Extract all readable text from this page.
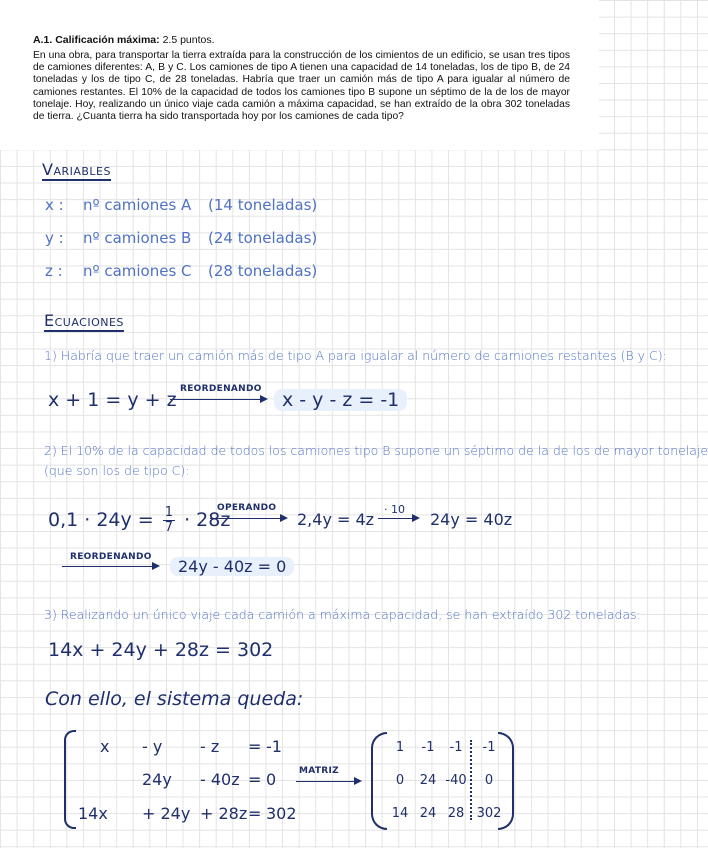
A.1. Calificación máxima: 2.5 puntos.
En una obra, para transportar la tierra extraída para la construcción de los cimientos de un edificio, se usan tres tipos de camiones diferentes: A, B y C. Los camiones de tipo A tienen una capacidad de 14 toneladas, los de tipo B, de 24 toneladas y los de tipo C, de 28 toneladas. Habría que traer un camión más de tipo A para igualar al número de camiones restantes. El 10% de la capacidad de todos los camiones tipo B supone un séptimo de la de los de mayor tonelaje. Hoy, realizando un único viaje cada camión a máxima capacidad, se han extraído de la obra 302 toneladas de tierra. ¿Cuanta tierra ha sido transportada hoy por los camiones de cada tipo?
Variables
x : nº camiones A (14 toneladas)
y : nº camiones B (24 toneladas)
z : nº camiones C (28 toneladas)
Ecuaciones
1) Habría que traer un camión más de tipo A para igualar al número de camiones restantes (B y C):
x + 1 = y + z REORDENANDO	x - y - z = -1
2) El 10% de la capacidad de todos los camiones tipo B supone un séptimo de la de los de mayor tonelaje
(que son los de tipo C):
$0,1 \cdot 24y = \frac{1}{7} \cdot 28z$
OPERANDO
2,4y = 4z
· 10
24y = 40z
REORDENANDO	24y - 40z = 0
3) Realizando un único viaje cada camión a máxima capacidad, se han extraído 302 toneladas:
14x + 24y + 28z = 302
Con ello, el sistema queda:
x - y - z = -1
24y - 40z = 0
14x + 24y + 28z= 302
MATRIZ
1 -1 -1 -1
0 24 -40 0
14 24 28 302
